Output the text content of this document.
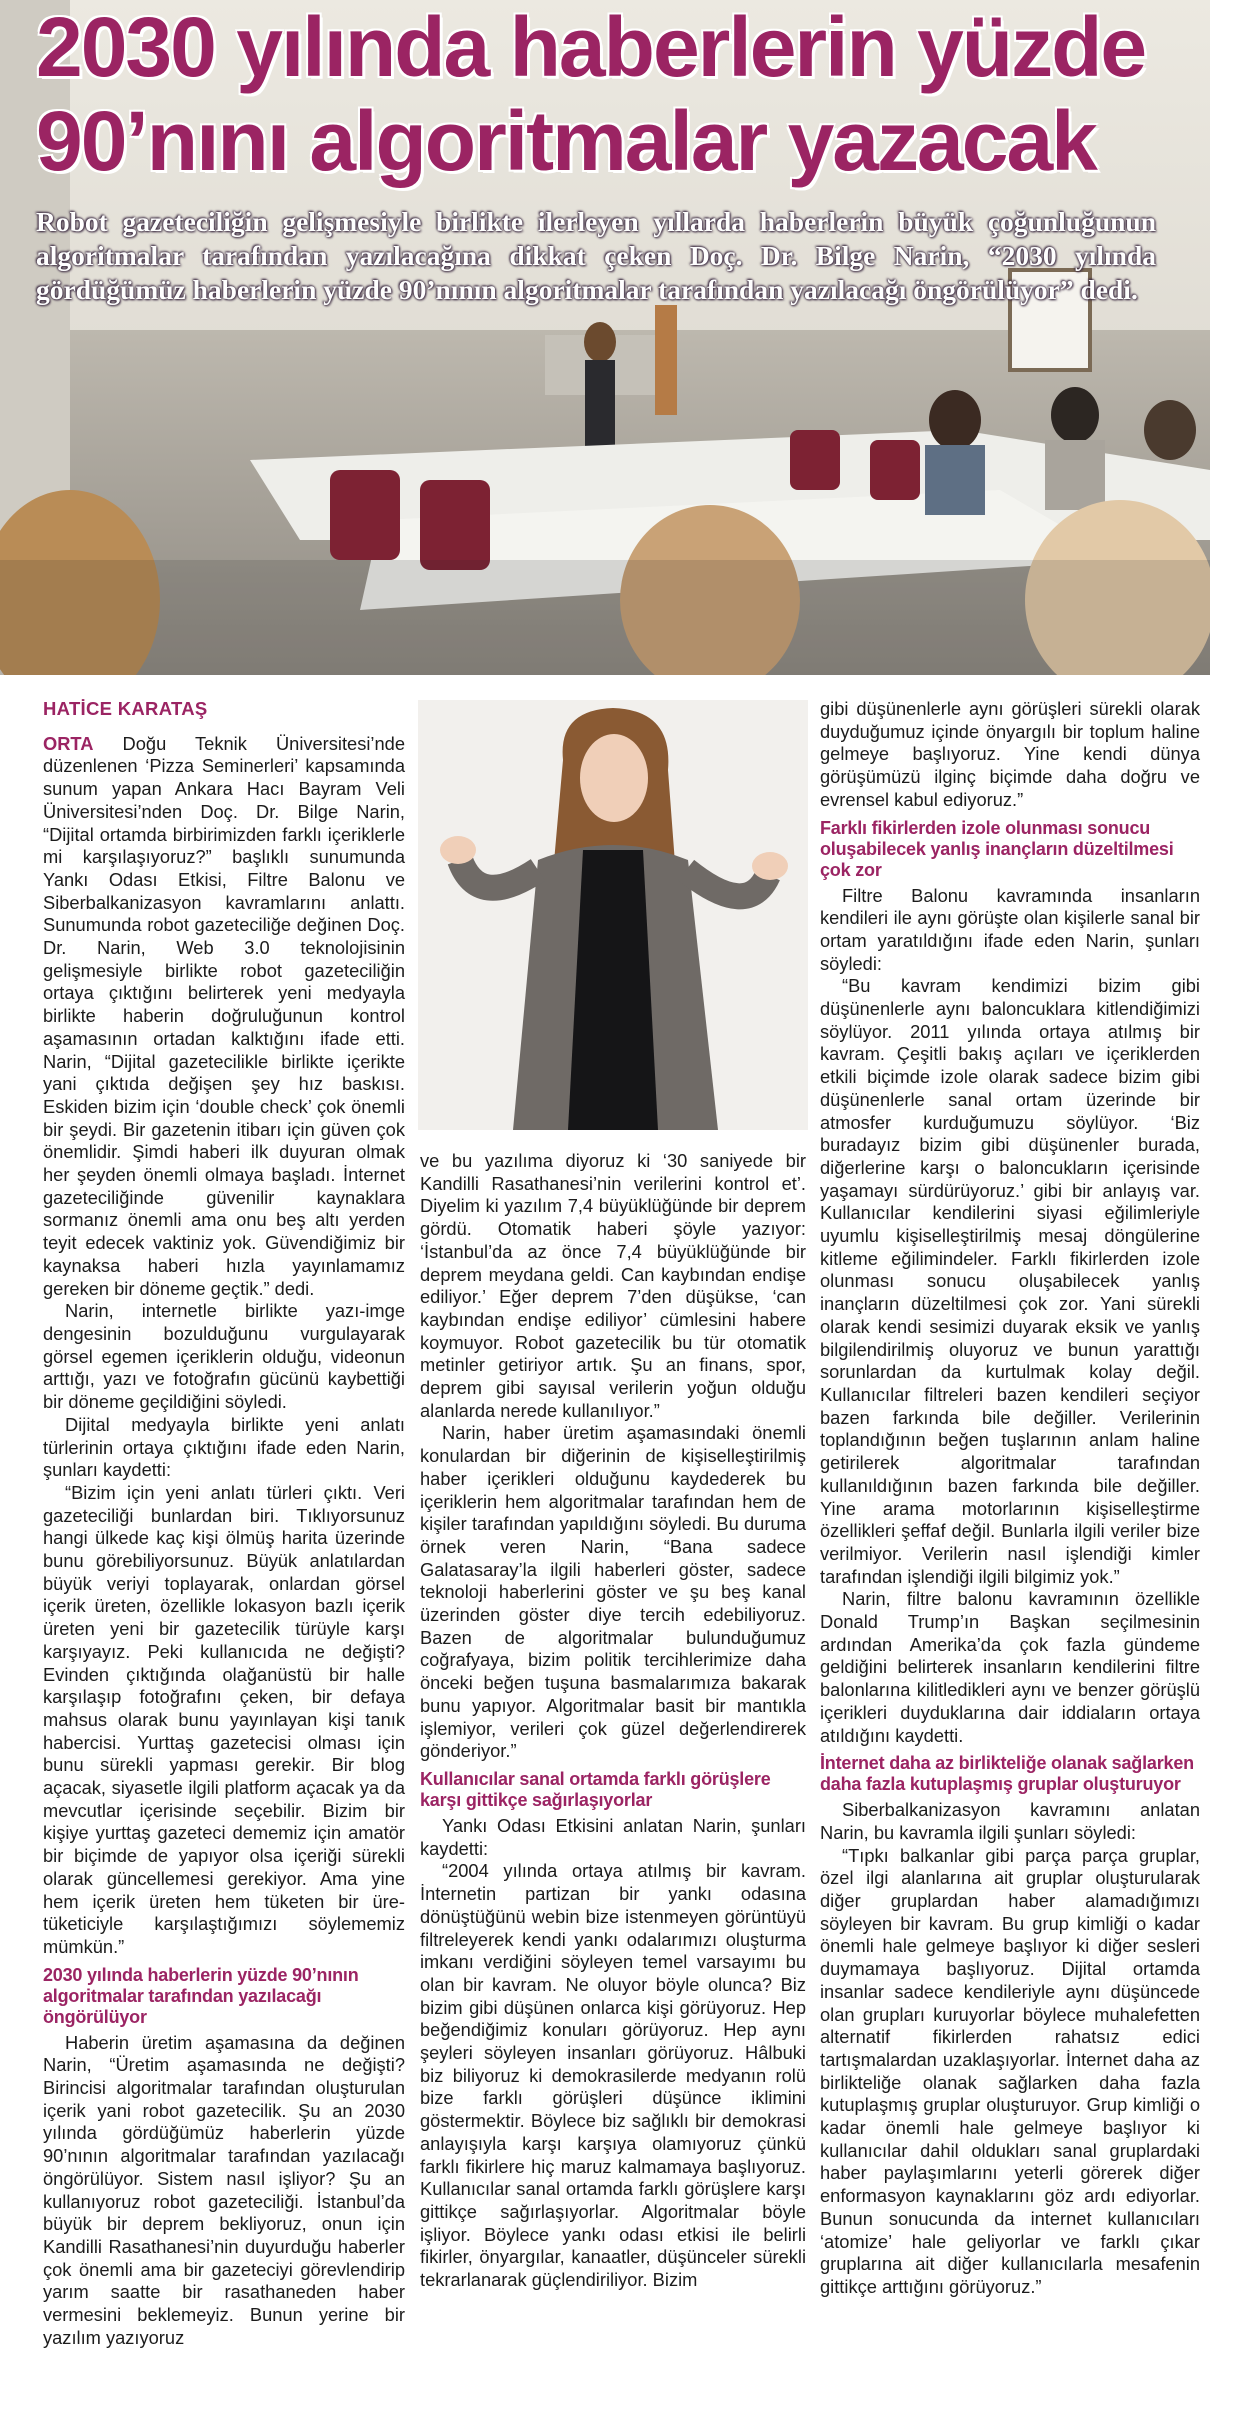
2030 yılında haberlerin yüzde
90’nını algoritmalar yazacak

Robot gazeteciliğin gelişmesiyle birlikte ilerleyen yıllarda haberlerin büyük çoğunluğunun algoritmalar tarafından yazılacağına dikkat çeken Doç. Dr. Bilge Narin, “2030 yılında gördüğümüz haberlerin yüzde 90’nının algoritmalar tarafından yazılacağı öngörülüyor” dedi.

HATİCE KARATAŞ

ORTA Doğu Teknik Üniversitesi’nde düzenlenen ‘Pizza Seminerleri’ kapsamında sunum yapan Ankara Hacı Bayram Veli Üniversitesi’nden Doç. Dr. Bilge Narin, “Dijital ortamda birbirimizden farklı içeriklerle mi karşılaşıyoruz?” başlıklı sunumunda Yankı Odası Etkisi, Filtre Balonu ve Siberbalkanizasyon kavramlarını anlattı. Sunumunda robot gazeteciliğe değinen Doç. Dr. Narin, Web 3.0 teknolojisinin gelişmesiyle birlikte robot gazeteciliğin ortaya çıktığını belirterek yeni medyayla birlikte haberin doğruluğunun kontrol aşamasının ortadan kalktığını ifade etti. Narin, “Dijital gazetecilikle birlikte içerikte yani çıktıda değişen şey hız baskısı. Eskiden bizim için ‘double check’ çok önemli bir şeydi. Bir gazetenin itibarı için güven çok önemlidir. Şimdi haberi ilk duyuran olmak her şeyden önemli olmaya başladı. İnternet gazeteciliğinde güvenilir kaynaklara sormanız önemli ama onu beş altı yerden teyit edecek vaktiniz yok. Güvendiğimiz bir kaynaksa haberi hızla yayınlamamız gereken bir döneme geçtik.” dedi.

Narin, internetle birlikte yazı-imge dengesinin bozulduğunu vurgulayarak görsel egemen içeriklerin olduğu, videonun arttığı, yazı ve fotoğrafın gücünü kaybettiği bir döneme geçildiğini söyledi.

Dijital medyayla birlikte yeni anlatı türlerinin ortaya çıktığını ifade eden Narin, şunları kaydetti:

“Bizim için yeni anlatı türleri çıktı. Veri gazeteciliği bunlardan biri. Tıklıyorsunuz hangi ülkede kaç kişi ölmüş harita üzerinde bunu görebiliyorsunuz. Büyük anlatılardan büyük veriyi toplayarak, onlardan görsel içerik üreten, özellikle lokasyon bazlı içerik üreten yeni bir gazetecilik türüyle karşı karşıyayız. Peki kullanıcıda ne değişti? Evinden çıktığında olağanüstü bir halle karşılaşıp fotoğrafını çeken, bir defaya mahsus olarak bunu yayınlayan kişi tanık habercisi. Yurttaş gazetecisi olması için bunu sürekli yapması gerekir. Bir blog açacak, siyasetle ilgili platform açacak ya da mevcutlar içerisinde seçebilir. Bizim bir kişiye yurttaş gazeteci dememiz için amatör bir biçimde de yapıyor olsa içeriği sürekli olarak güncellemesi gerekiyor. Ama yine hem içerik üreten hem tüketen bir üre-tüketiciyle karşılaştığımızı söylememiz mümkün.”

2030 yılında haberlerin yüzde 90’nının algoritmalar tarafından yazılacağı öngörülüyor

Haberin üretim aşamasına da değinen Narin, “Üretim aşamasında ne değişti? Birincisi algoritmalar tarafından oluşturulan içerik yani robot gazetecilik. Şu an 2030 yılında gördüğümüz haberlerin yüzde 90’nının algoritmalar tarafından yazılacağı öngörülüyor. Sistem nasıl işliyor? Şu an kullanıyoruz robot gazeteciliği. İstanbul’da büyük bir deprem bekliyoruz, onun için Kandilli Rasathanesi’nin duyurduğu haberler çok önemli ama bir gazeteciyi görevlendirip yarım saatte bir rasathaneden haber vermesini beklemeyiz. Bunun yerine bir yazılım yazıyoruz

ve bu yazılıma diyoruz ki ‘30 saniyede bir Kandilli Rasathanesi’nin verilerini kontrol et’. Diyelim ki yazılım 7,4 büyüklüğünde bir deprem gördü. Otomatik haberi şöyle yazıyor: ‘İstanbul’da az önce 7,4 büyüklüğünde bir deprem meydana geldi. Can kaybından endişe ediliyor.’ Eğer deprem 7’den düşükse, ‘can kaybından endişe ediliyor’ cümlesini habere koymuyor. Robot gazetecilik bu tür otomatik metinler getiriyor artık. Şu an finans, spor, deprem gibi sayısal verilerin yoğun olduğu alanlarda nerede kullanılıyor.”

Narin, haber üretim aşamasındaki önemli konulardan bir diğerinin de kişiselleştirilmiş haber içerikleri olduğunu kaydederek bu içeriklerin hem algoritmalar tarafından hem de kişiler tarafından yapıldığını söyledi. Bu duruma örnek veren Narin, “Bana sadece Galatasaray’la ilgili haberleri göster, sadece teknoloji haberlerini göster ve şu beş kanal üzerinden göster diye tercih edebiliyoruz. Bazen de algoritmalar bulunduğumuz coğrafyaya, bizim politik tercihlerimize daha önceki beğen tuşuna basmalarımıza bakarak bunu yapıyor. Algoritmalar basit bir mantıkla işlemiyor, verileri çok güzel değerlendirerek gönderiyor.”

Kullanıcılar sanal ortamda farklı görüşlere karşı gittikçe sağırlaşıyorlar

Yankı Odası Etkisini anlatan Narin, şunları kaydetti:

“2004 yılında ortaya atılmış bir kavram. İnternetin partizan bir yankı odasına dönüştüğünü webin bize istenmeyen görüntüyü filtreleyerek kendi yankı odalarımızı oluşturma imkanı verdiğini söyleyen temel varsayımı bu olan bir kavram. Ne oluyor böyle olunca? Biz bizim gibi düşünen onlarca kişi görüyoruz. Hep beğendiğimiz konuları görüyoruz. Hep aynı şeyleri söyleyen insanları görüyoruz. Hâlbuki biz biliyoruz ki demokrasilerde medyanın rolü bize farklı görüşleri düşünce iklimini göstermektir. Böylece biz sağlıklı bir demokrasi anlayışıyla karşı karşıya olamıyoruz çünkü farklı fikirlere hiç maruz kalmamaya başlıyoruz. Kullanıcılar sanal ortamda farklı görüşlere karşı gittikçe sağırlaşıyorlar. Algoritmalar böyle işliyor. Böylece yankı odası etkisi ile belirli fikirler, önyargılar, kanaatler, düşünceler sürekli tekrarlanarak güçlendiriliyor. Bizim

gibi düşünenlerle aynı görüşleri sürekli olarak duyduğumuz içinde önyargılı bir toplum haline gelmeye başlıyoruz. Yine kendi dünya görüşümüzü ilginç biçimde daha doğru ve evrensel kabul ediyoruz.”

Farklı fikirlerden izole olunması sonucu oluşabilecek yanlış inançların düzeltilmesi çok zor

Filtre Balonu kavramında insanların kendileri ile aynı görüşte olan kişilerle sanal bir ortam yaratıldığını ifade eden Narin, şunları söyledi:

“Bu kavram kendimizi bizim gibi düşünenlerle aynı baloncuklara kitlendiğimizi söylüyor. 2011 yılında ortaya atılmış bir kavram. Çeşitli bakış açıları ve içeriklerden etkili biçimde izole olarak sadece bizim gibi düşünenlerle sanal ortam üzerinde bir atmosfer kurduğumuzu söylüyor. ‘Biz buradayız bizim gibi düşünenler burada, diğerlerine karşı o baloncukların içerisinde yaşamayı sürdürüyoruz.’ gibi bir anlayış var. Kullanıcılar kendilerini siyasi eğilimleriyle uyumlu kişiselleştirilmiş mesaj döngülerine kitleme eğilimindeler. Farklı fikirlerden izole olunması sonucu oluşabilecek yanlış inançların düzeltilmesi çok zor. Yani sürekli olarak kendi sesimizi duyarak eksik ve yanlış bilgilendirilmiş oluyoruz ve bunun yarattığı sorunlardan da kurtulmak kolay değil. Kullanıcılar filtreleri bazen kendileri seçiyor bazen farkında bile değiller. Verilerinin toplandığının beğen tuşlarının anlam haline getirilerek algoritmalar tarafından kullanıldığının bazen farkında bile değiller. Yine arama motorlarının kişiselleştirme özellikleri şeffaf değil. Bunlarla ilgili veriler bize verilmiyor. Verilerin nasıl işlendiği kimler tarafından işlendiği ilgili bilgimiz yok.”

Narin, filtre balonu kavramının özellikle Donald Trump’ın Başkan seçilmesinin ardından Amerika’da çok fazla gündeme geldiğini belirterek insanların kendilerini filtre balonlarına kilitledikleri aynı ve benzer görüşlü içerikleri duyduklarına dair iddiaların ortaya atıldığını kaydetti.

İnternet daha az birlikteliğe olanak sağlarken daha fazla kutuplaşmış gruplar oluşturuyor

Siberbalkanizasyon kavramını anlatan Narin, bu kavramla ilgili şunları söyledi:

“Tıpkı balkanlar gibi parça parça gruplar, özel ilgi alanlarına ait gruplar oluşturularak diğer gruplardan haber alamadığımızı söyleyen bir kavram. Bu grup kimliği o kadar önemli hale gelmeye başlıyor ki diğer sesleri duymamaya başlıyoruz. Dijital ortamda insanlar sadece kendileriyle aynı düşüncede olan grupları kuruyorlar böylece muhalefetten alternatif fikirlerden rahatsız edici tartışmalardan uzaklaşıyorlar. İnternet daha az birlikteliğe olanak sağlarken daha fazla kutuplaşmış gruplar oluşturuyor. Grup kimliği o kadar önemli hale gelmeye başlıyor ki kullanıcılar dahil oldukları sanal gruplardaki haber paylaşımlarını yeterli görerek diğer enformasyon kaynaklarını göz ardı ediyorlar. Bunun sonucunda da internet kullanıcıları ‘atomize’ hale geliyorlar ve farklı çıkar gruplarına ait diğer kullanıcılarla mesafenin gittikçe arttığını görüyoruz.”
